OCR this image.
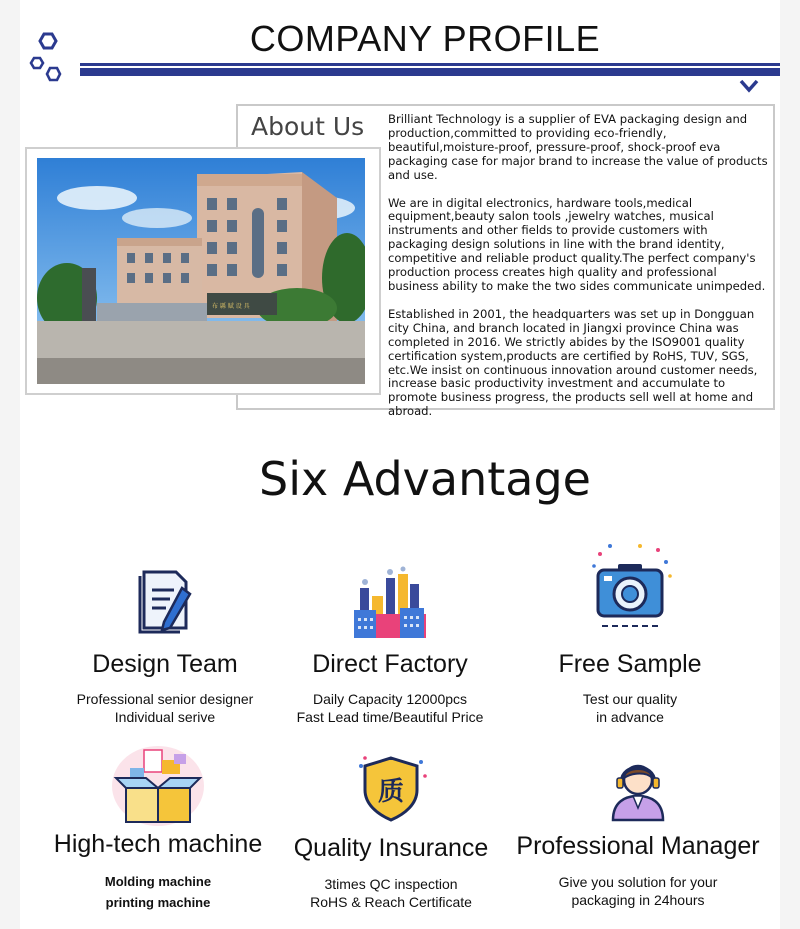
COMPANY PROFILE
布 縣 賦 设 具
About Us Brilliant Technology is a supplier of EVA packaging design and production,committed to providing eco-friendly, beautiful,moisture-proof, pressure-proof, shock-proof eva packaging case for major brand to increase the value of products and use.

We are in digital electronics, hardware tools,medical equipment,beauty salon tools ,jewelry watches, musical instruments and other fields to provide customers with packaging design solutions in line with the brand identity, competitive and reliable product quality.The perfect company's production process creates high quality and professional business ability to make the two sides communicate unimpeded.

Established in 2001, the headquarters was set up in Dongguan city China, and branch located in Jiangxi province China was completed in 2016. We strictly abides by the ISO9001 quality certification system,products are certified by RoHS, TUV, SGS, etc.We insist on continuous innovation around customer needs, increase basic productivity investment and accumulate to promote business progress, the products sell well at home and abroad.

Six Advantage
Design Team
Professional senior designer
Individual serive
Direct Factory
Daily Capacity 12000pcs
Fast Lead time/Beautiful Price
Free Sample
Test our quality
in advance
High-tech machine
Molding machine
printing machine
质
Quality Insurance
3times QC inspection
RoHS & Reach Certificate
Professional Manager
Give you solution for your
packaging in 24hours
